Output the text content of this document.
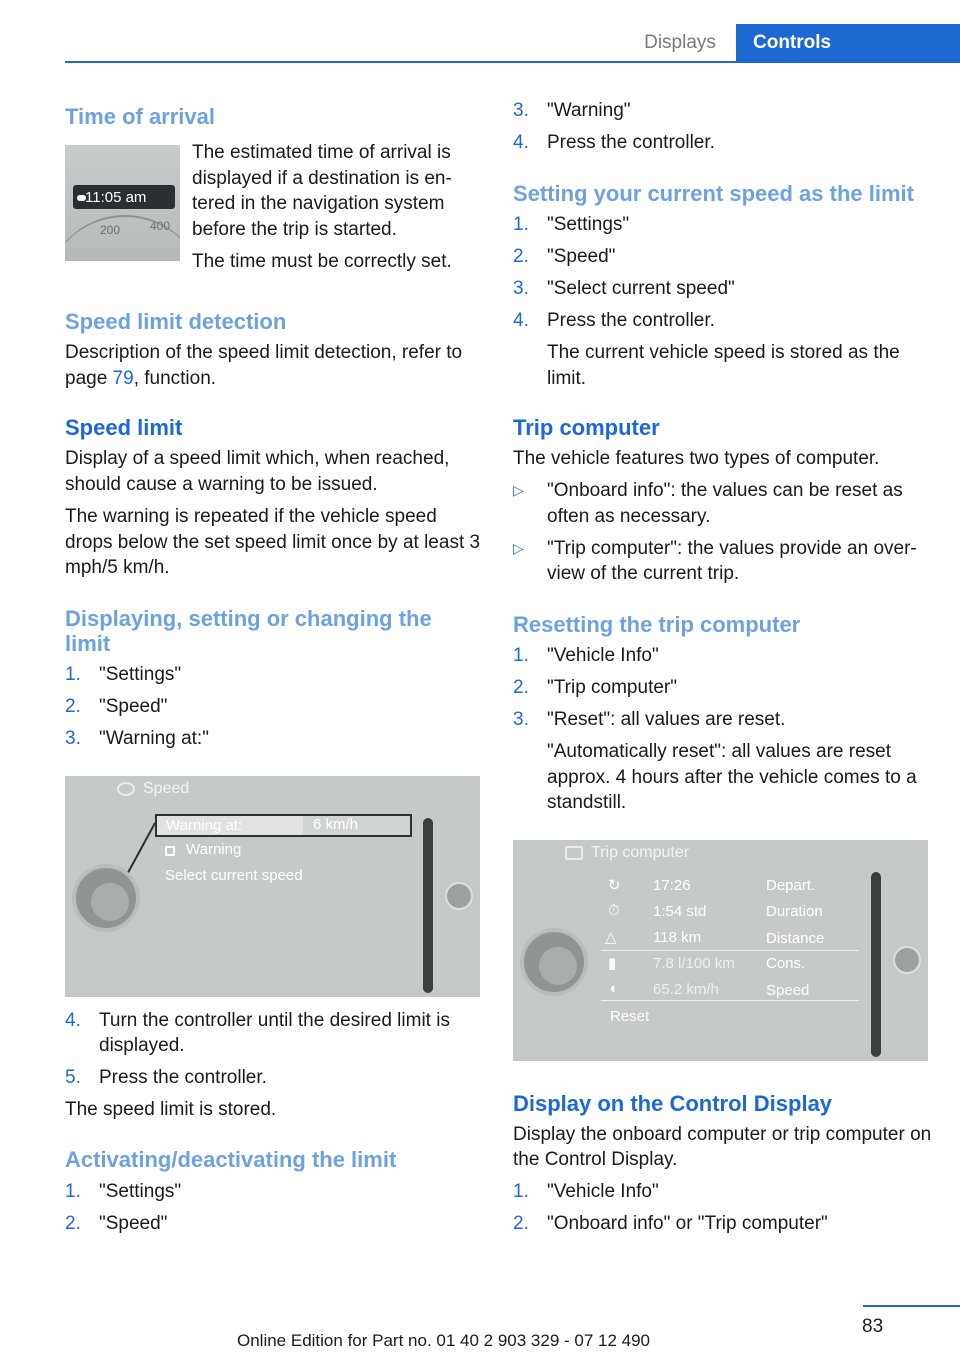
Displays	Controls
Time of arrival
11:05 am
200 400

The estimated time of arrival is displayed if a destination is en-tered in the navigation system before the trip is started.

The time must be correctly set.

Speed limit detection

Description of the speed limit detection, refer to page 79, function.

Speed limit

Display of a speed limit which, when reached, should cause a warning to be issued.

The warning is repeated if the vehicle speed drops below the set speed limit once by at least 3 mph/5 km/h.

Displaying, setting or changing the limit
1. "Settings"
2. "Speed"
3. "Warning at:"
Speed
Warning at:	6 km/h
Warning
Select current speed
4. Turn the controller until the desired limit is displayed.
5. Press the controller.

The speed limit is stored.

Activating/deactivating the limit
1. "Settings"
2. "Speed"
3. "Warning"
4. Press the controller.
Setting your current speed as the limit
1. "Settings"
2. "Speed"
3. "Select current speed"
4. Press the controller.
The current vehicle speed is stored as the limit.
Trip computer

The vehicle features two types of computer.

▷ "Onboard info": the values can be reset as often as necessary.
▷ "Trip computer": the values provide an over-view of the current trip.
Resetting the trip computer
1. "Vehicle Info"
2. "Trip computer"
3. "Reset": all values are reset.
"Automatically reset": all values are reset approx. 4 hours after the vehicle comes to a standstill.
Trip computer
↻ 17:26	Depart.
⏱ 1:54 std	Duration
△ 118 km	Distance
▮ 7.8 l/100 km Cons.
◖ 65.2 km/h	Speed
Reset
Display on the Control Display

Display the onboard computer or trip computer on the Control Display.

1. "Vehicle Info"
2. "Onboard info" or "Trip computer"
83
Online Edition for Part no. 01 40 2 903 329 - 07 12 490
